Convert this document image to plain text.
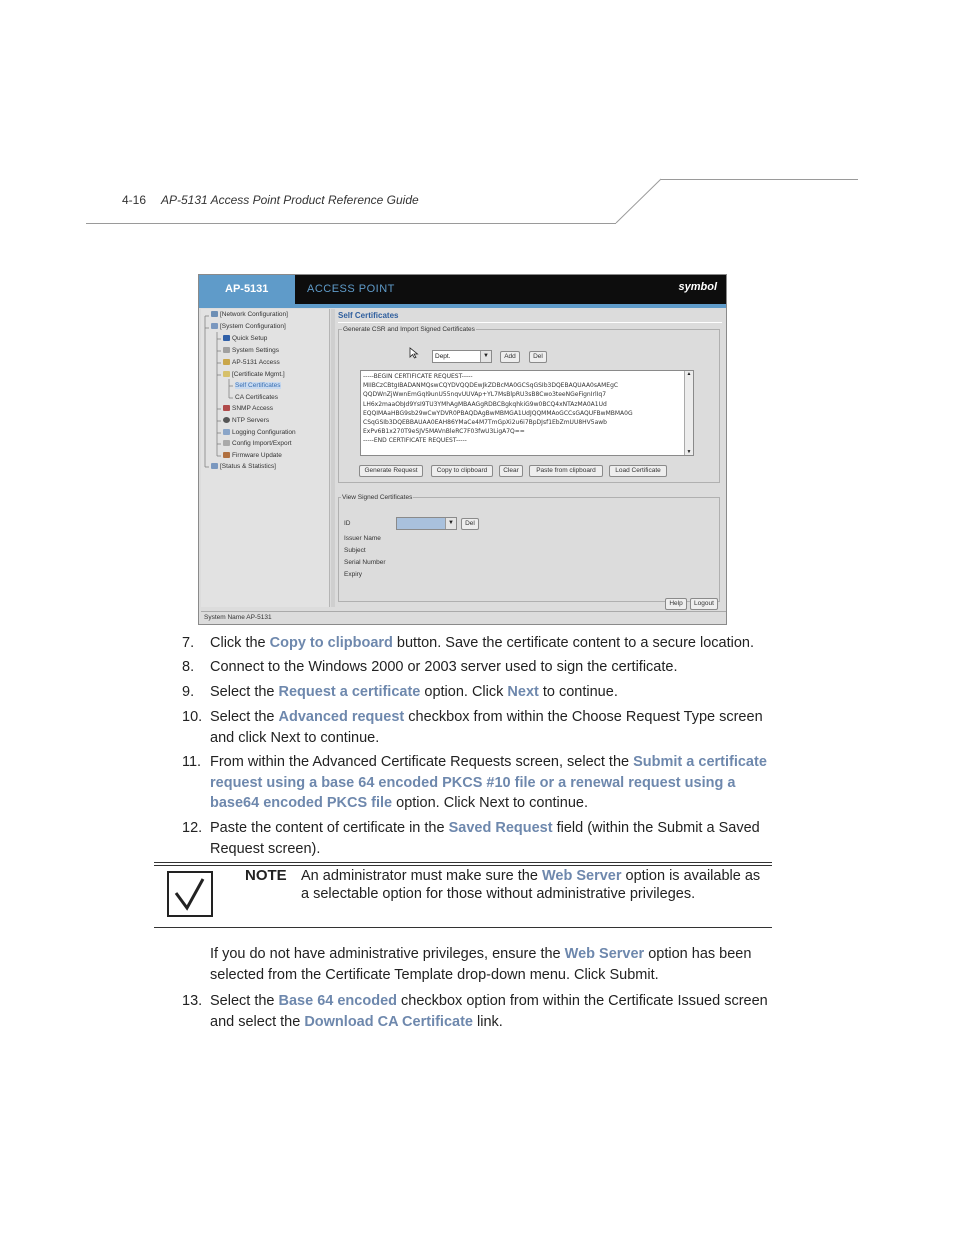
4-16 AP-5131 Access Point Product Reference Guide
AP-5131	ACCESS POINT	symbol
[Network Configuration]
[System Configuration]
Quick Setup
System Settings
AP-5131 Access
[Certificate Mgmt.]
Self Certificates
CA Certificates
SNMP Access
NTP Servers
Logging Configuration
Config Import/Export
Firmware Update
[Status & Statistics]
Self Certificates
Generate CSR and Import Signed Certificates
Dept.	▼	Add	Del
-----BEGIN CERTIFICATE REQUEST-----
MIIBCzCBtgIBADANMQswCQYDVQQDEwJkZDBcMA0GCSqGSIb3DQEBAQUAA0sAMEgC
QQDWnZjWwnEmGqI9unU55nqvUUVAp+YL7MsBlpRU3sB8Cwo3teeNGeFignIrlIq7
LH6x2maaObJd9YsI9TU3YMhAgMBAAGgRDBCBgkqhkiG9w0BCQ4xNTAzMA0A1Ud
EQQIMAaHBG9sb29wCwYDVR0PBAQDAgBwMBMGA1UdJQQMMAoGCCsGAQUFBwMBMA0G
CSqGSIb3DQEBBAUAA0EAH86YMaCe4M7TmGpXi2u6i7BpDJsf1EbZmUU8HV5awb
ExPv6B1x270T9eSJV5MAVnBleRC7F03fwU3LigA7Q==
-----END CERTIFICATE REQUEST-----
▲
▼
Generate Request	Copy to clipboard	Clear	Paste from clipboard	Load Certificate
View Signed Certificates
ID	▼	Del
Issuer Name
Subject
Serial Number
Expiry
Help	Logout
System Name AP-5131
7. Click the Copy to clipboard button. Save the certificate content to a secure location.
8. Connect to the Windows 2000 or 2003 server used to sign the certificate.
9. Select the Request a certificate option. Click Next to continue.
10. Select the Advanced request checkbox from within the Choose Request Type screen and click Next to continue.
11. From within the Advanced Certificate Requests screen, select the Submit a certificate request using a base 64 encoded PKCS #10 file or a renewal request using a base64 encoded PKCS file option. Click Next to continue.
12. Paste the content of certificate in the Saved Request field (within the Submit a Saved Request screen).
NOTE An administrator must make sure the Web Server option is available as a selectable option for those without administrative privileges.
If you do not have administrative privileges, ensure the Web Server option has been selected from the Certificate Template drop-down menu. Click Submit.
13. Select the Base 64 encoded checkbox option from within the Certificate Issued screen and select the Download CA Certificate link.
